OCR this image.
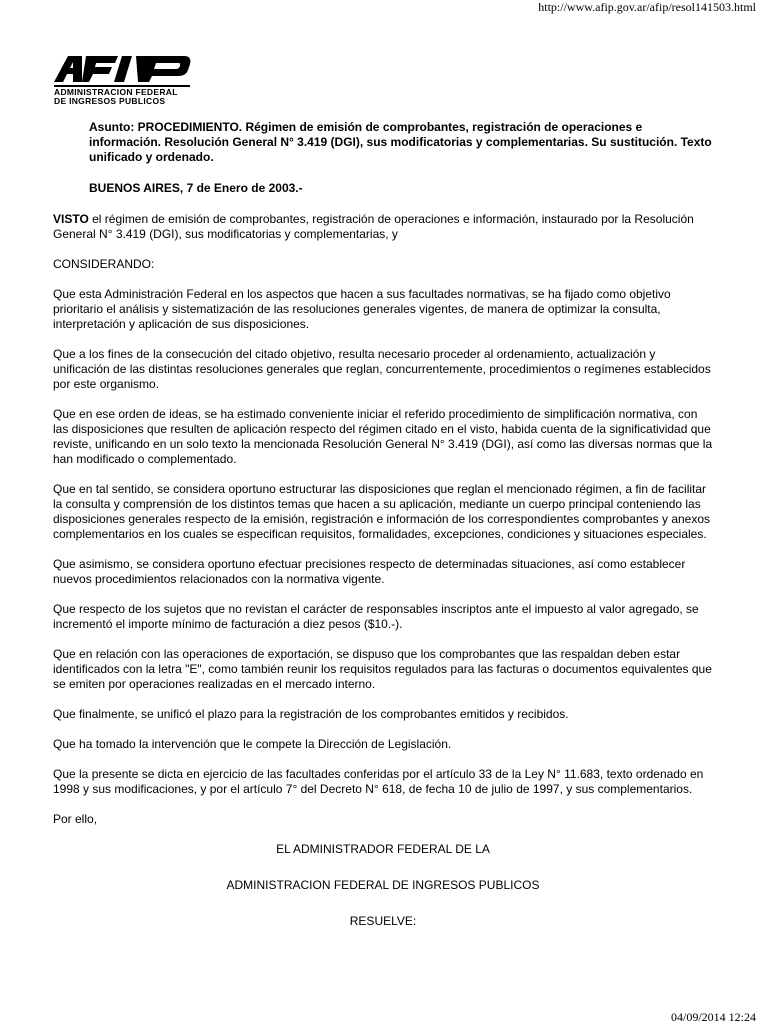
http://www.afip.gov.ar/afip/resol141503.html
ADMINISTRACION FEDERAL
DE INGRESOS PUBLICOS

Asunto: PROCEDIMIENTO. Régimen de emisión de comprobantes, registración de operaciones e información. Resolución General N° 3.419 (DGI), sus modificatorias y complementarias. Su sustitución. Texto unificado y ordenado.

BUENOS AIRES, 7 de Enero de 2003.-

VISTO el régimen de emisión de comprobantes, registración de operaciones e información, instaurado por la Resolución General N° 3.419 (DGI), sus modificatorias y complementarias, y

CONSIDERANDO:

Que esta Administración Federal en los aspectos que hacen a sus facultades normativas, se ha fijado como objetivo prioritario el análisis y sistematización de las resoluciones generales vigentes, de manera de optimizar la consulta, interpretación y aplicación de sus disposiciones.

Que a los fines de la consecución del citado objetivo, resulta necesario proceder al ordenamiento, actualización y unificación de las distintas resoluciones generales que reglan, concurrentemente, procedimientos o regímenes establecidos por este organismo.

Que en ese orden de ideas, se ha estimado conveniente iniciar el referido procedimiento de simplificación normativa, con las disposiciones que resulten de aplicación respecto del régimen citado en el visto, habida cuenta de la significatividad que reviste, unificando en un solo texto la mencionada Resolución General N° 3.419 (DGI), así como las diversas normas que la han modificado o complementado.

Que en tal sentido, se considera oportuno estructurar las disposiciones que reglan el mencionado régimen, a fin de facilitar la consulta y comprensión de los distintos temas que hacen a su aplicación, mediante un cuerpo principal conteniendo las disposiciones generales respecto de la emisión, registración e información de los correspondientes comprobantes y anexos complementarios en los cuales se especifican requisitos, formalidades, excepciones, condiciones y situaciones especiales.

Que asimismo, se considera oportuno efectuar precisiones respecto de determinadas situaciones, así como establecer nuevos procedimientos relacionados con la normativa vigente.

Que respecto de los sujetos que no revistan el carácter de responsables inscriptos ante el impuesto al valor agregado, se incrementó el importe mínimo de facturación a diez pesos ($10.-).

Que en relación con las operaciones de exportación, se dispuso que los comprobantes que las respaldan deben estar identificados con la letra "E", como también reunir los requisitos regulados para las facturas o documentos equivalentes que se emiten por operaciones realizadas en el mercado interno.

Que finalmente, se unificó el plazo para la registración de los comprobantes emitidos y recibidos.

Que ha tomado la intervención que le compete la Dirección de Legislación.

Que la presente se dicta en ejercicio de las facultades conferidas por el artículo 33 de la Ley N° 11.683, texto ordenado en 1998 y sus modificaciones, y por el artículo 7° del Decreto N° 618, de fecha 10 de julio de 1997, y sus complementarios.

Por ello,

EL ADMINISTRADOR FEDERAL DE LA

ADMINISTRACION FEDERAL DE INGRESOS PUBLICOS

RESUELVE:

04/09/2014 12:24
